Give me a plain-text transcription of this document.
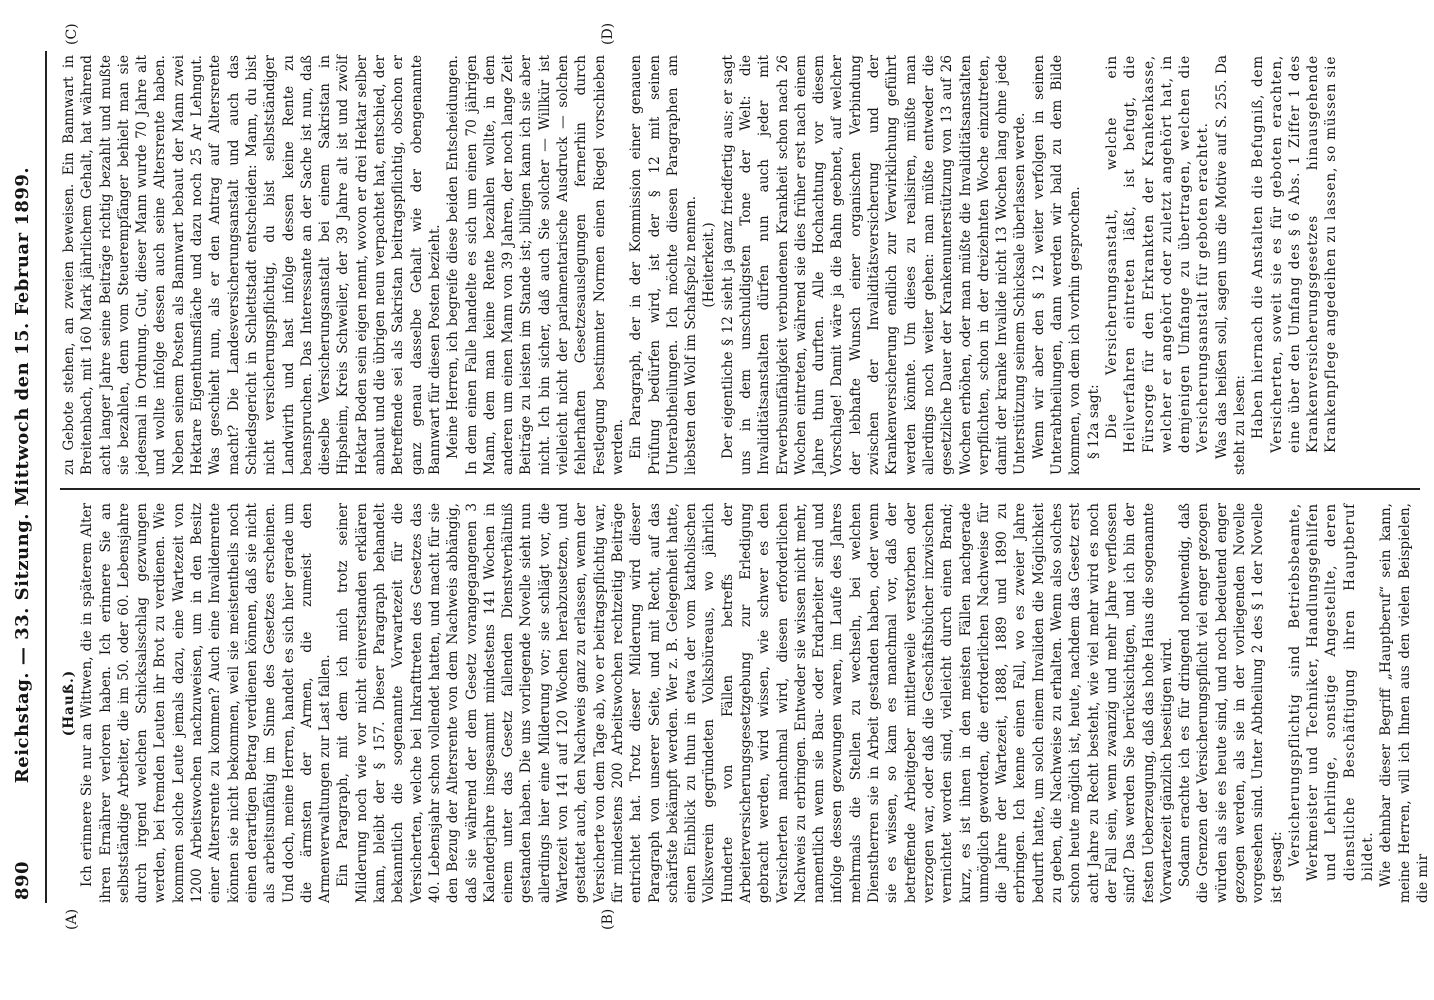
890
Reichstag. — 33. Sitzung. Mittwoch den 15. Februar 1899.
(A)	(B)
(C)	(D)

(Hauß.) Ich erinnere Sie nur an Wittwen, die in späterem Alter ihren Ernährer verloren haben. Ich erinnere Sie an selbstständige Arbeiter, die im 50. oder 60. Lebensjahre durch irgend welchen Schicksalsschlag gezwungen werden, bei fremden Leuten ihr Brot zu verdienen. Wie kommen solche Leute jemals dazu, eine Wartezeit von 1200 Arbeitswochen nachzuweisen, um in den Besitz einer Altersrente zu kommen? Auch eine Invalidenrente können sie nicht bekommen, weil sie meistentheils noch einen derartigen Betrag verdienen können, daß sie nicht als arbeitsunfähig im Sinne des Gesetzes erscheinen. Und doch, meine Herren, handelt es sich hier gerade um die ärmsten der Armen, die zumeist den Armenverwaltungen zur Last fallen. Ein Paragraph, mit dem ich mich trotz seiner Milderung noch wie vor nicht einverstanden erklären kann, bleibt der § 157. Dieser Paragraph behandelt bekanntlich die sogenannte Vorwartezeit für die Versicherten, welche bei Inkrafttreten des Gesetzes das 40. Lebensjahr schon vollendet hatten, und macht für sie den Bezug der Altersrente von dem Nachweis abhängig, daß sie während der dem Gesetz vorangegangenen 3 Kalenderjahre insgesammt mindestens 141 Wochen in einem unter das Gesetz fallenden Dienstverhältniß gestanden haben. Die uns vorliegende Novelle sieht nun allerdings hier eine Milderung vor; sie schlägt vor, die Wartezeit von 141 auf 120 Wochen herabzusetzen, und gestattet auch, den Nachweis ganz zu erlassen, wenn der Versicherte von dem Tage ab, wo er beitragspflichtig war, für mindestens 200 Arbeitswochen rechtzeitig Beiträge entrichtet hat. Trotz dieser Milderung wird dieser Paragraph von unserer Seite, und mit Recht, auf das schärfste bekämpft werden. Wer z. B. Gelegenheit hatte, einen Einblick zu thun in etwa der vom katholischen Volksverein gegründeten Volksbüreaus, wo jährlich Hunderte von Fällen betreffs der Arbeiterversicherungsgesetzgebung zur Erledigung gebracht werden, wird wissen, wie schwer es den Versicherten manchmal wird, diesen erforderlichen Nachweis zu erbringen. Entweder sie wissen nicht mehr, namentlich wenn sie Bau- oder Erdarbeiter sind und infolge dessen gezwungen waren, im Laufe des Jahres mehrmals die Stellen zu wechseln, bei welchen Dienstherren sie in Arbeit gestanden haben, oder wenn sie es wissen, so kam es manchmal vor, daß der betreffende Arbeitgeber mittlerweile verstorben oder verzogen war, oder daß die Geschäftsbücher inzwischen vernichtet worden sind, vielleicht durch einen Brand; kurz, es ist ihnen in den meisten Fällen nachgerade unmöglich geworden, die erforderlichen Nachweise für die Jahre der Wartezeit, 1888, 1889 und 1890 zu erbringen. Ich kenne einen Fall, wo es zweier Jahre bedurft hatte, um solch einem Invaliden die Möglichkeit zu geben, die Nachweise zu erhalten. Wenn also solches schon heute möglich ist, heute, nachdem das Gesetz erst acht Jahre zu Recht besteht, wie viel mehr wird es noch der Fall sein, wenn zwanzig und mehr Jahre verflossen sind? Das werden Sie berücksichtigen, und ich bin der festen Ueberzeugung, daß das hohe Haus die sogenannte Vorwartezeit gänzlich beseitigen wird. Sodann erachte ich es für dringend nothwendig, daß die Grenzen der Versicherungspflicht viel enger gezogen würden als sie es heute sind, und noch bedeutend enger gezogen werden, als sie in der vorliegenden Novelle vorgesehen sind. Unter Abtheilung 2 des § 1 der Novelle ist gesagt:

Versicherungspflichtig sind Betriebsbeamte, Werkmeister und Techniker, Handlungsgehilfen und Lehrlinge, sonstige Angestellte, deren dienstliche Beschäftigung ihren Hauptberuf bildet. Wie dehnbar dieser Begriff „Hauptberuf“ sein kann, meine Herren, will ich Ihnen aus den vielen Beispielen, die mir

zu Gebote stehen, an zweien beweisen. Ein Bannwart in Breitenbach, mit 160 Mark jährlichem Gehalt, hat während acht langer Jahre seine Beiträge richtig bezahlt und mußte sie bezahlen, denn vom Steuerempfänger behielt man sie jedesmal in Ordnung. Gut, dieser Mann wurde 70 Jahre alt und wollte infolge dessen auch seine Altersrente haben. Neben seinem Posten als Bannwart bebaut der Mann zwei Hektare Eigenthumsfläche und dazu noch 25 Ar Lehngut. Was geschieht nun, als er den Antrag auf Altersrente macht? Die Landesversicherungsanstalt und auch das Schiedsgericht in Schlettstadt entscheiden: Mann, du bist nicht versicherungspflichtig, du bist selbstständiger Landwirth und hast infolge dessen keine Rente zu beanspruchen. Das Interessante an der Sache ist nun, daß dieselbe Versicherungsanstalt bei einem Sakristan in Hipsheim, Kreis Schweiler, der 39 Jahre alt ist und zwölf Hektar Boden sein eigen nennt, wovon er drei Hektar selber anbaut und die übrigen neun verpachtet hat, entschied, der Betreffende sei als Sakristan beitragspflichtig, obschon er ganz genau dasselbe Gehalt wie der obengenannte Bannwart für diesen Posten bezieht. Meine Herren, ich begreife diese beiden Entscheidungen. In dem einen Falle handelte es sich um einen 70 jährigen Mann, dem man keine Rente bezahlen wollte, in dem anderen um einen Mann von 39 Jahren, der noch lange Zeit Beiträge zu leisten im Stande ist; billigen kann ich sie aber nicht. Ich bin sicher, daß auch Sie solcher — Willkür ist vielleicht nicht der parlamentarische Ausdruck — solchen fehlerhaften Gesetzesauslegungen fernerhin durch Festlegung bestimmter Normen einen Riegel vorschieben werden. Ein Paragraph, der in der Kommission einer genauen Prüfung bedürfen wird, ist der § 12 mit seinen Unterabtheilungen. Ich möchte diesen Paragraphen am liebsten den Wolf im Schafspelz nennen. (Heiterkeit.) Der eigentliche § 12 sieht ja ganz friedfertig aus; er sagt uns in dem unschuldigsten Tone der Welt: die Invaliditätsanstalten dürfen nun auch jeder mit Erwerbsunfähigkeit verbundenen Krankheit schon nach 26 Wochen eintreten, während sie dies früher erst nach einem Jahre thun durften. Alle Hochachtung vor diesem Vorschlage! Damit wäre ja die Bahn geebnet, auf welcher der lebhafte Wunsch einer organischen Verbindung zwischen der Invaliditätsversicherung und der Krankenversicherung endlich zur Verwirklichung geführt werden könnte. Um dieses zu realisiren, müßte man allerdings noch weiter gehen: man müßte entweder die gesetzliche Dauer der Krankenunterstützung von 13 auf 26 Wochen erhöhen, oder man müßte die Invaliditätsanstalten verpflichten, schon in der dreizehnten Woche einzutreten, damit der kranke Invalide nicht 13 Wochen lang ohne jede Unterstützung seinem Schicksale überlassen werde. Wenn wir aber den § 12 weiter verfolgen in seinen Unterabtheilungen, dann werden wir bald zu dem Bilde kommen, von dem ich vorhin gesprochen. § 12a sagt: Die Versicherungsanstalt, welche ein Heilverfahren eintreten läßt, ist befugt, die Fürsorge für den Erkrankten der Krankenkasse, welcher er angehört oder zuletzt angehört hat, in demjenigen Umfange zu übertragen, welchen die Versicherungsanstalt für geboten erachtet. Was das heißen soll, sagen uns die Motive auf S. 255. Da steht zu lesen: Haben hiernach die Anstalten die Befugniß, dem Versicherten, soweit sie es für geboten erachten, eine über den Umfang des § 6 Abs. 1 Ziffer 1 des Krankenversicherungsgesetzes hinausgehende Krankenpflege angedeihen zu lassen, so müssen sie
